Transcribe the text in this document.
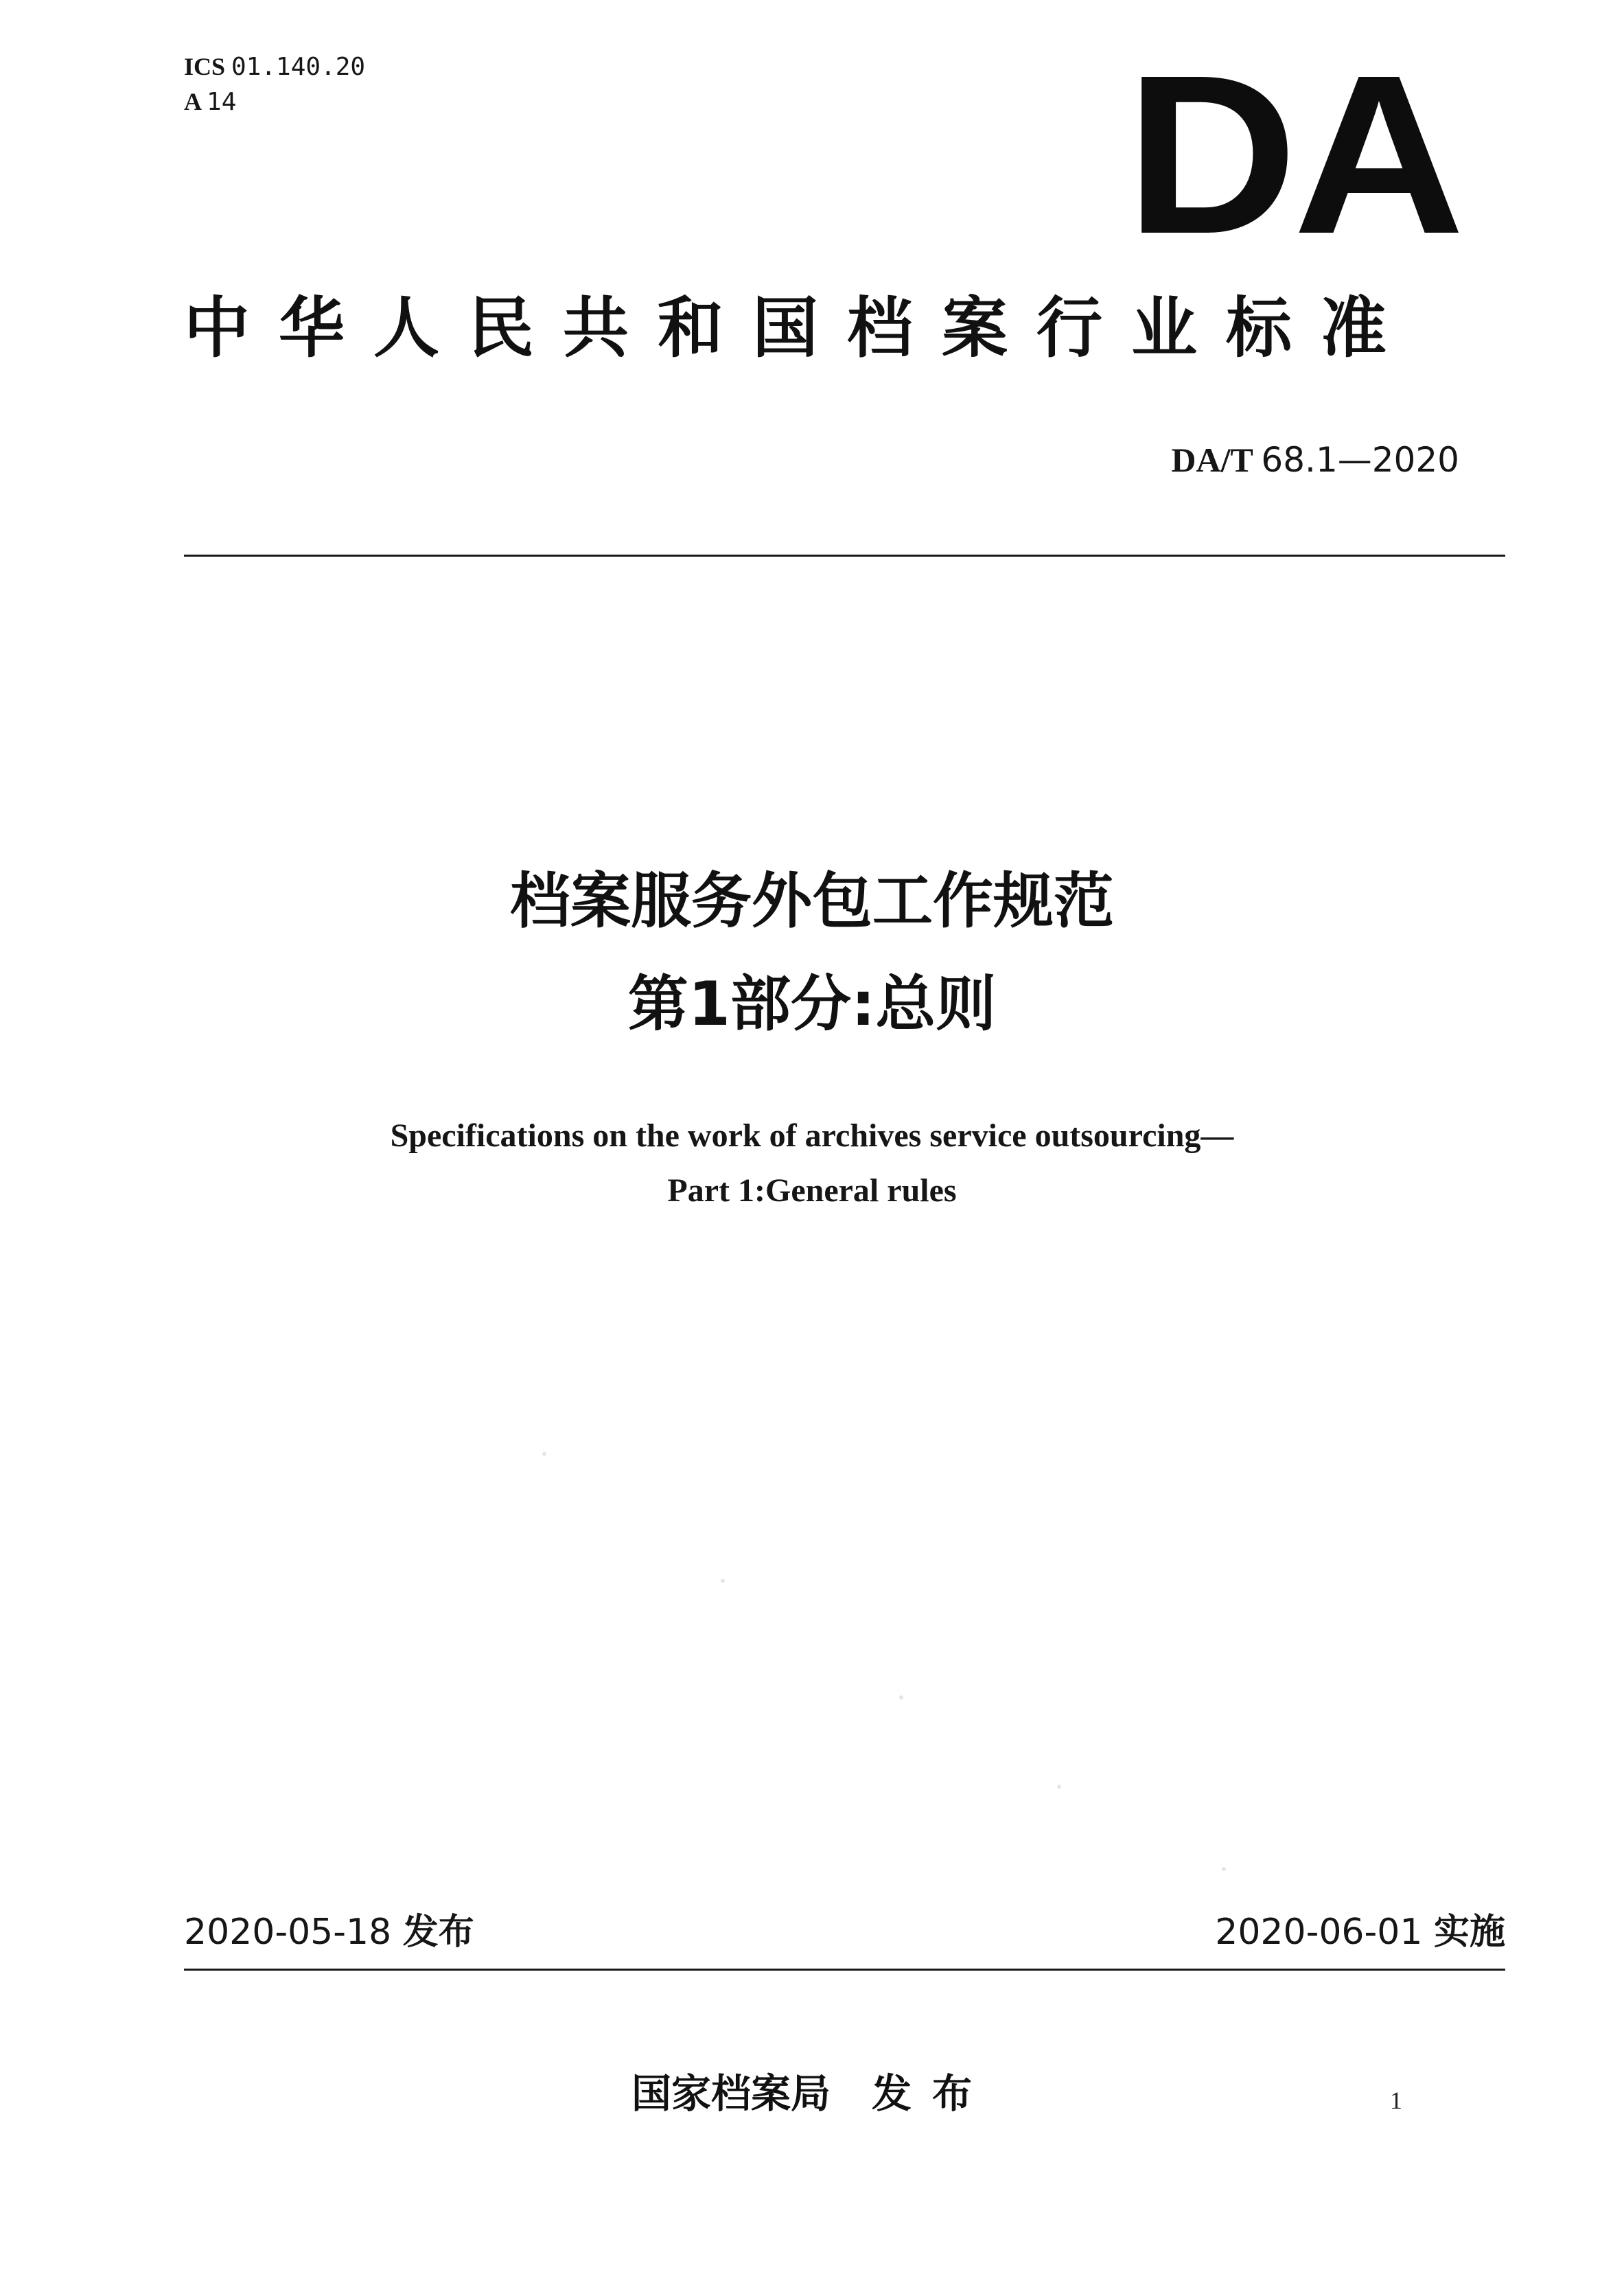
ICS 01.140.20
A 14	DA
中华人民共和国档案行业标准
DA/T 68.1—2020
档案服务外包工作规范
第1部分:总则
Specifications on the work of archives service outsourcing—
Part 1:General rules
2020-05-18 发布	2020-06-01 实施
国家档案局 发布	1
